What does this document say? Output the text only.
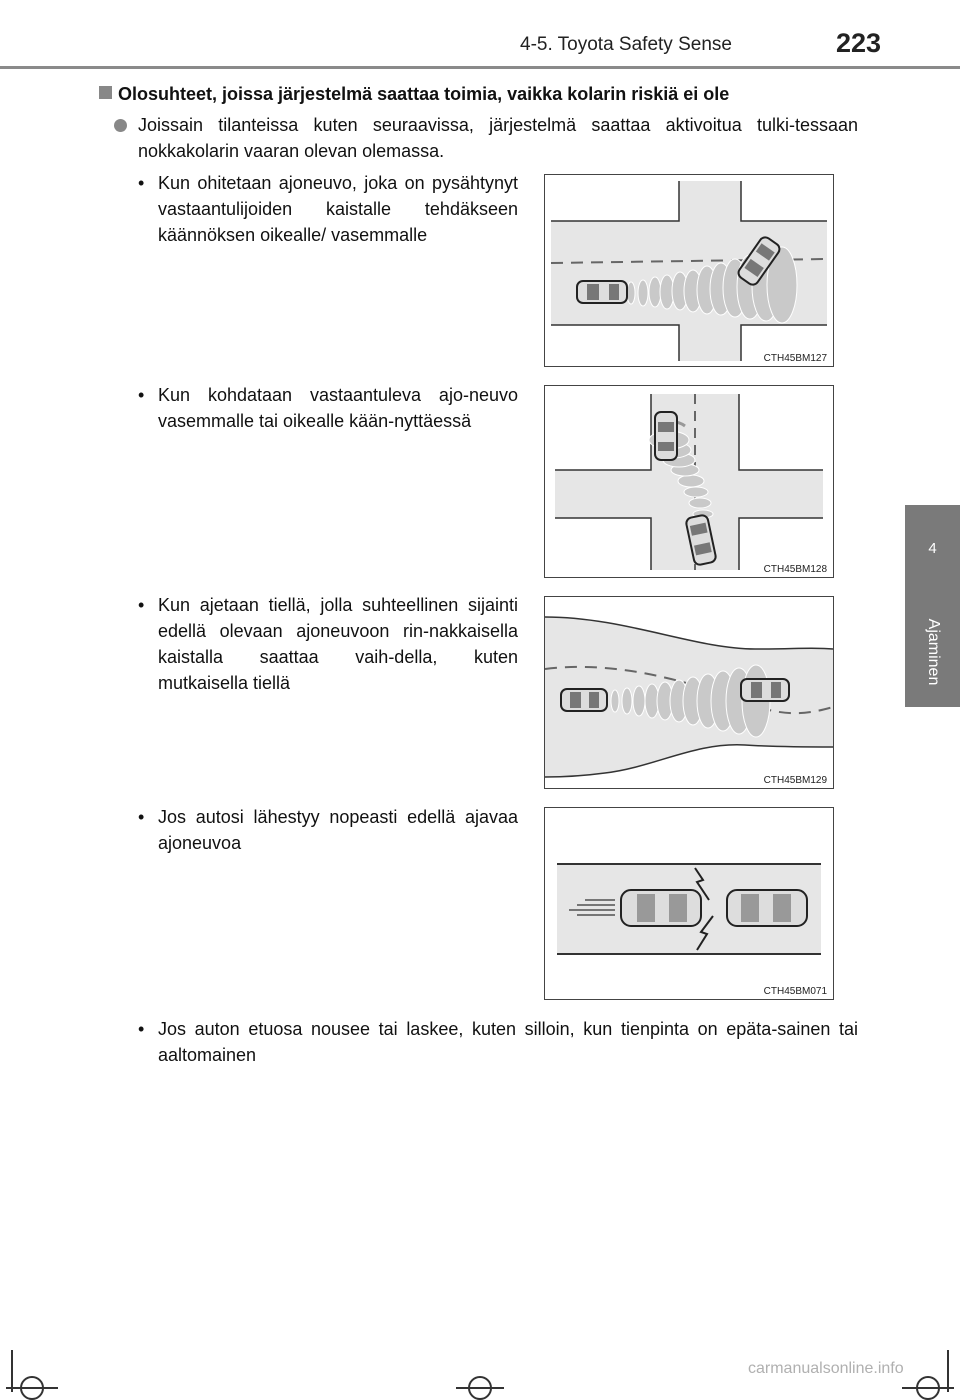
4-5. Toyota Safety Sense	223
4
Ajaminen
Olosuhteet, joissa järjestelmä saattaa toimia, vaikka kolarin riskiä ei ole

Joissain tilanteissa kuten seuraavissa, järjestelmä saattaa aktivoitua tulki-tessaan nokkakolarin vaaran olevan olemassa.

• Kun ohitetaan ajoneuvo, joka on pysähtynyt vastaantulijoiden kaistalle tehdäkseen käännöksen oikealle/ vasemmalle

• Kun kohdataan vastaantuleva ajo-neuvo vasemmalle tai oikealle kään-nyttäessä

• Kun ajetaan tiellä, jolla suhteellinen sijainti edellä olevaan ajoneuvoon rin-nakkaisella kaistalla saattaa vaih-della, kuten mutkaisella tiellä

• Jos autosi lähestyy nopeasti edellä ajavaa ajoneuvoa

• Jos auton etuosa nousee tai laskee, kuten silloin, kun tienpinta on epäta-sainen tai aaltomainen

CTH45BM127
CTH45BM128
CTH45BM129
CTH45BM071
carmanualsonline.info
